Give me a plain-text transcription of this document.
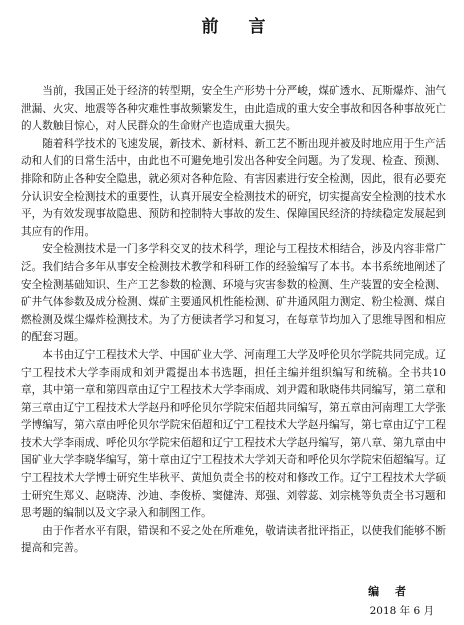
前 言

当前，我国正处于经济的转型期，安全生产形势十分严峻，煤矿透水、瓦斯爆炸、油气泄漏、火灾、地震等各种灾难性事故频繁发生，由此造成的重大安全事故和因各种事故死亡的人数触目惊心，对人民群众的生命财产也造成重大损失。

随着科学技术的飞速发展，新技术、新材料、新工艺不断出现并被及时地应用于生产活动和人们的日常生活中，由此也不可避免地引发出各种安全问题。为了发现、检查、预测、排除和防止各种安全隐患，就必须对各种危险、有害因素进行安全检测，因此，很有必要充分认识安全检测技术的重要性，认真开展安全检测技术的研究，切实提高安全检测的技术水平，为有效发现事故隐患、预防和控制特大事故的发生、保障国民经济的持续稳定发展起到其应有的作用。

安全检测技术是一门多学科交叉的技术科学，理论与工程技术相结合，涉及内容非常广泛。我们结合多年从事安全检测技术教学和科研工作的经验编写了本书。本书系统地阐述了安全检测基础知识、生产工艺参数的检测、环境与灾害参数的检测、生产装置的安全检测、矿井气体参数及成分检测、煤矿主要通风机性能检测、矿井通风阻力测定、粉尘检测、煤自燃检测及煤尘爆炸检测技术。为了方便读者学习和复习，在每章节均加入了思维导图和相应的配套习题。

本书由辽宁工程技术大学、中国矿业大学、河南理工大学及呼伦贝尔学院共同完成。辽宁工程技术大学李雨成和刘尹霞提出本书选题，担任主编并组织编写和统稿。全书共10章，其中第一章和第四章由辽宁工程技术大学李雨成、刘尹霞和耿晓伟共同编写，第二章和第三章由辽宁工程技术大学赵丹和呼伦贝尔学院宋佰超共同编写，第五章由河南理工大学张学博编写，第六章由呼伦贝尔学院宋佰超和辽宁工程技术大学赵丹编写，第七章由辽宁工程技术大学李雨成、呼伦贝尔学院宋佰超和辽宁工程技术大学赵丹编写，第八章、第九章由中国矿业大学李晓华编写，第十章由辽宁工程技术大学刘天奇和呼伦贝尔学院宋佰超编写。辽宁工程技术大学博士研究生毕秋平、黄旭负责全书的校对和修改工作。辽宁工程技术大学硕士研究生郑义、赵晓涛、沙迪、李俊桥、窦健涛、郑强、刘蓉蕊、刘宗桃等负责全书习题和思考题的编制以及文字录入和制图工作。

由于作者水平有限，错误和不妥之处在所难免，敬请读者批评指正，以使我们能够不断提高和完善。

编 者
2018 年 6 月
